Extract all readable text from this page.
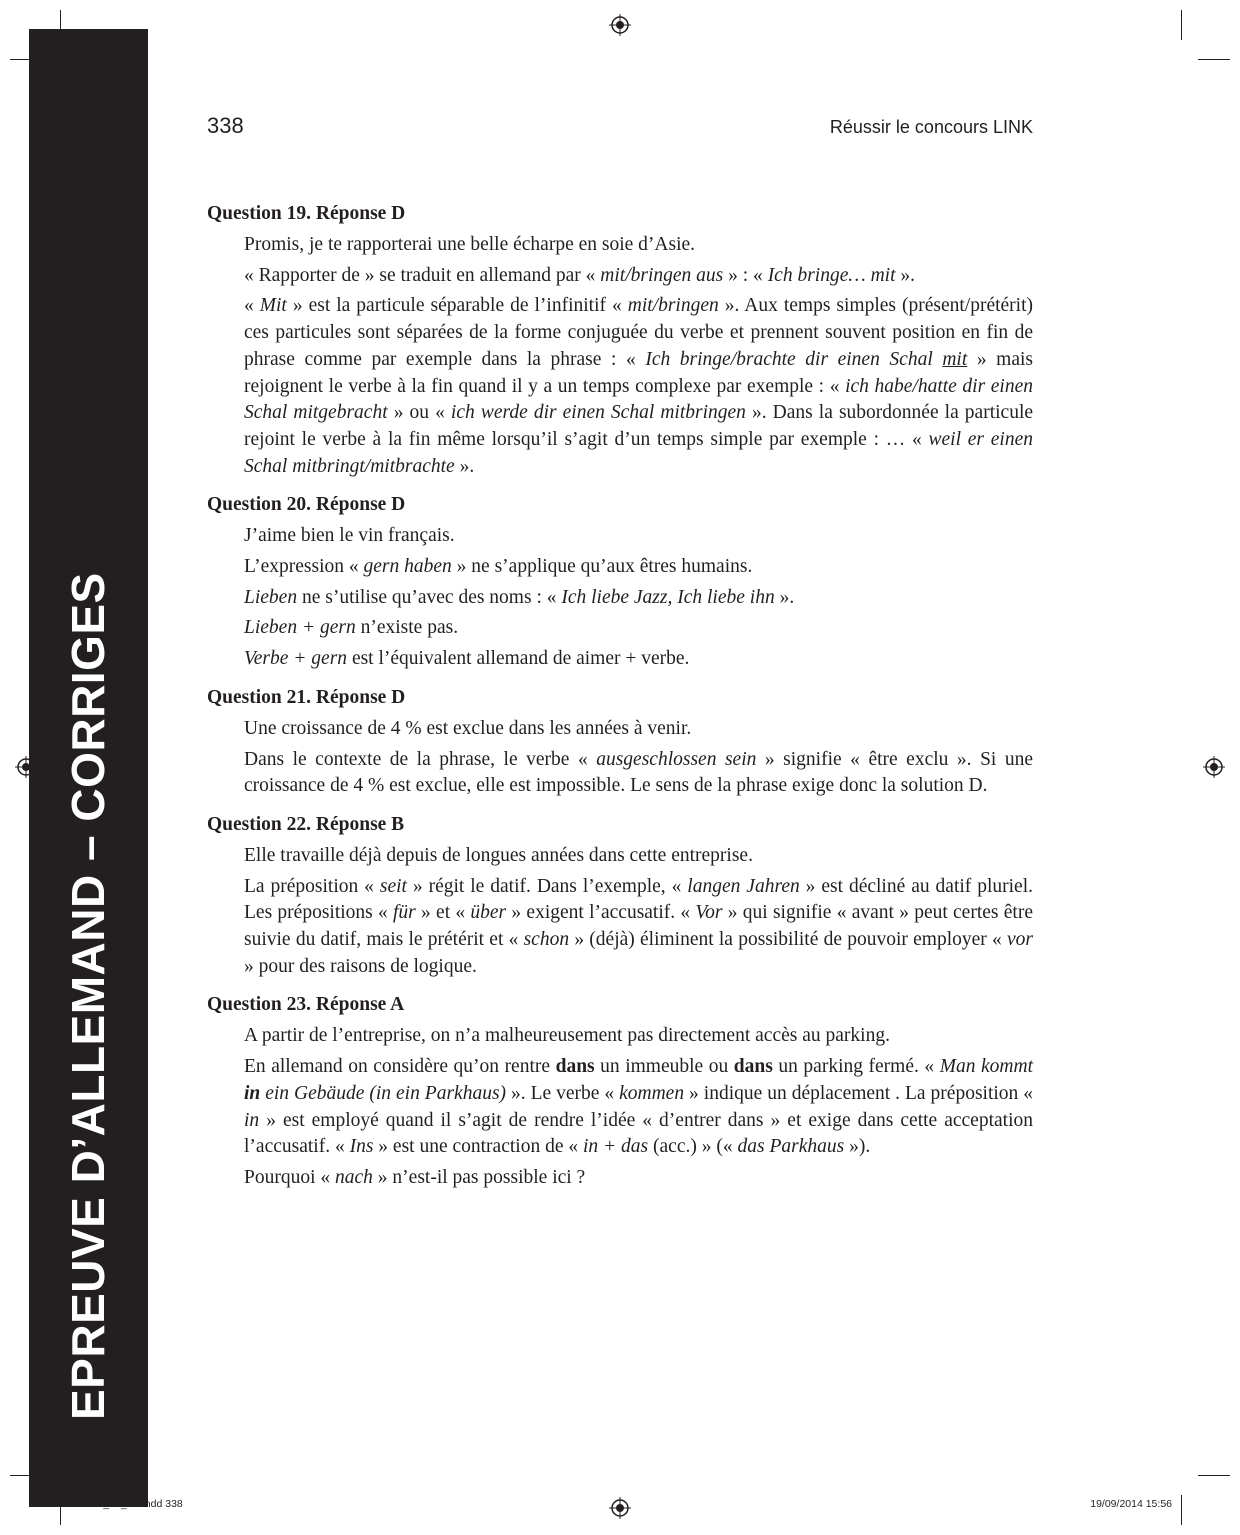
EPREUVE D’ALLEMAND – CORRIGES
338	Réussir le concours LINK
Question 19. Réponse D
Promis, je te rapporterai une belle écharpe en soie d’Asie.
« Rapporter de » se traduit en allemand par « mit/bringen aus » : « Ich bringe… mit ».
« Mit » est la particule séparable de l’infinitif « mit/bringen ». Aux temps simples (présent/prétérit) ces particules sont séparées de la forme conjuguée du verbe et prennent souvent position en fin de phrase comme par exemple dans la phrase : « Ich bringe/brachte dir einen Schal mit » mais rejoignent le verbe à la fin quand il y a un temps complexe par exemple : « ich habe/hatte dir einen Schal mitgebracht » ou « ich werde dir einen Schal mitbringen ». Dans la subordonnée la particule rejoint le verbe à la fin même lorsqu’il s’agit d’un temps simple par exemple : … « weil er einen Schal mitbringt/mitbrachte ».
Question 20. Réponse D
J’aime bien le vin français.
L’expression « gern haben » ne s’applique qu’aux êtres humains.
Lieben ne s’utilise qu’avec des noms : « Ich liebe Jazz, Ich liebe ihn ».
Lieben + gern n’existe pas.
Verbe + gern est l’équivalent allemand de aimer + verbe.
Question 21. Réponse D
Une croissance de 4 % est exclue dans les années à venir.
Dans le contexte de la phrase, le verbe « ausgeschlossen sein » signifie « être exclu ». Si une croissance de 4 % est exclue, elle est impossible. Le sens de la phrase exige donc la solution D.
Question 22. Réponse B
Elle travaille déjà depuis de longues années dans cette entreprise.
La préposition « seit » régit le datif. Dans l’exemple, « langen Jahren » est décliné au datif pluriel. Les prépositions « für » et « über » exigent l’accusatif. « Vor » qui signifie « avant » peut certes être suivie du datif, mais le prétérit et « schon » (déjà) éliminent la possibilité de pouvoir employer « vor » pour des raisons de logique.
Question 23. Réponse A
A partir de l’entreprise, on n’a malheureusement pas directement accès au parking.
En allemand on considère qu’on rentre dans un immeuble ou dans un parking fermé. « Man kommt in ein Gebäude (in ein Parkhaus) ». Le verbe « kommen » indique un déplacement . La préposition « in » est employé quand il s’agit de rendre l’idée « d’entrer dans » et exige dans cette acceptation l’accusatif. « Ins » est une contraction de « in + das (acc.) » (« das Parkhaus »).
Pourquoi « nach » n’est-il pas possible ici ?
LINK_3e_P2.indd 338	19/09/2014 15:56
